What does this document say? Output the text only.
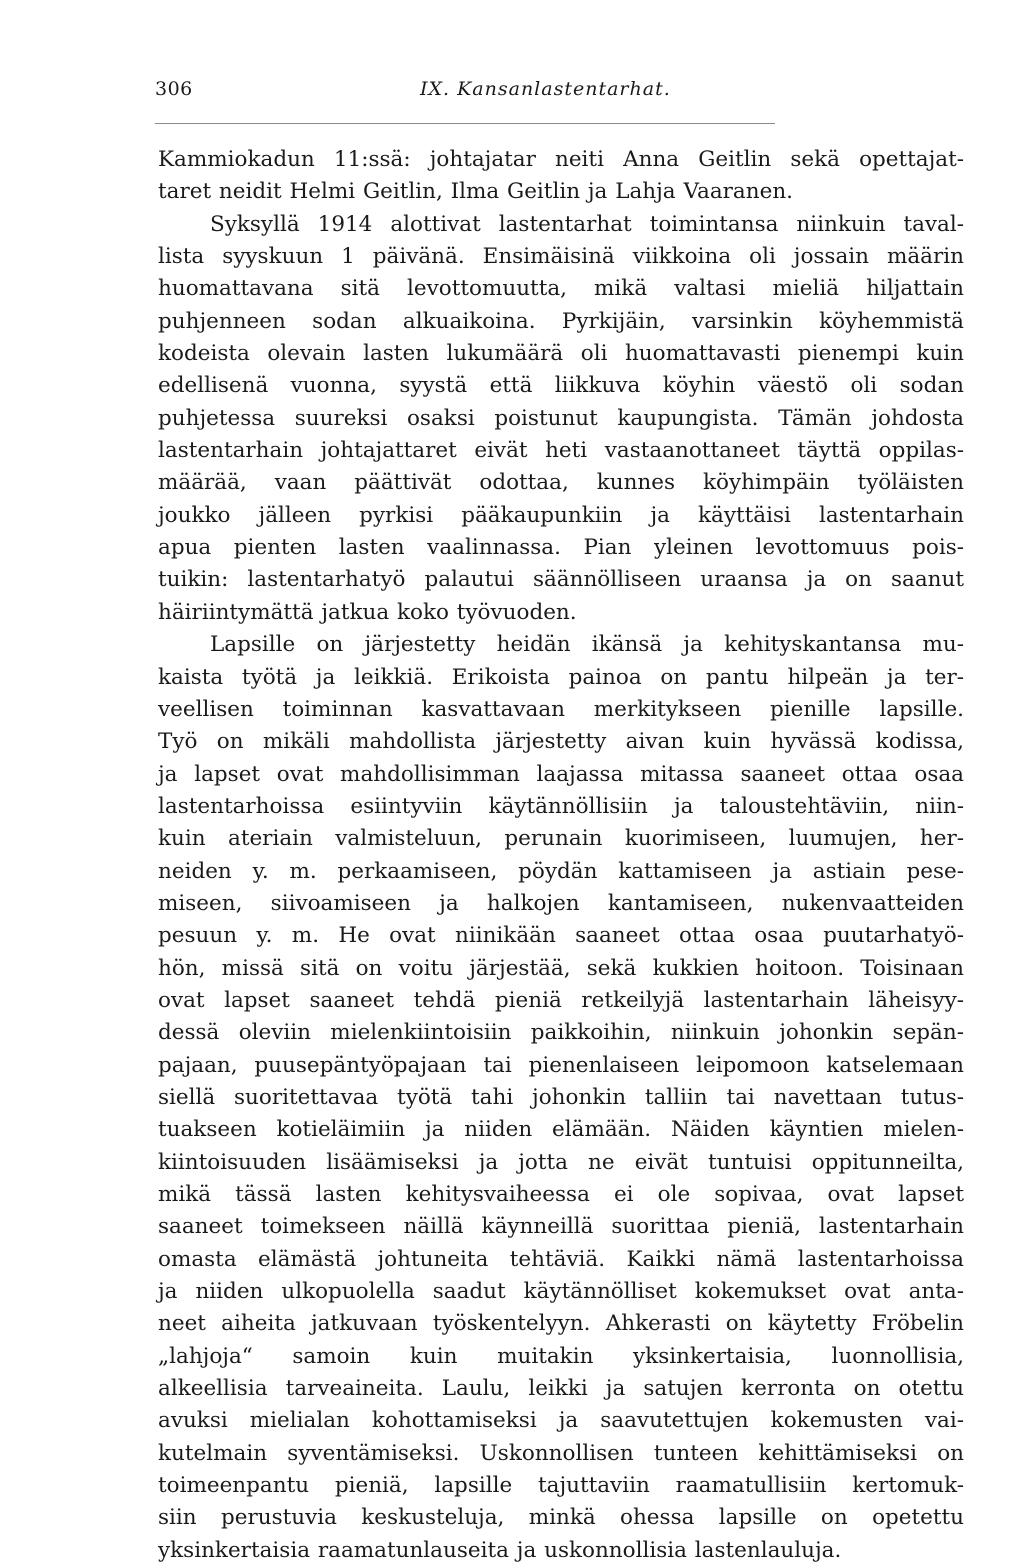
306	IX. Kansanlastentarhat.
Kammiokadun 11:ssä: johtajatar neiti Anna Geitlin sekä opettajat-
taret neidit Helmi Geitlin, Ilma Geitlin ja Lahja Vaaranen.
Syksyllä 1914 alottivat lastentarhat toimintansa niinkuin taval-
lista syyskuun 1 päivänä. Ensimäisinä viikkoina oli jossain määrin
huomattavana sitä levottomuutta, mikä valtasi mieliä hiljattain
puhjenneen sodan alkuaikoina. Pyrkijäin, varsinkin köyhemmistä
kodeista olevain lasten lukumäärä oli huomattavasti pienempi kuin
edellisenä vuonna, syystä että liikkuva köyhin väestö oli sodan
puhjetessa suureksi osaksi poistunut kaupungista. Tämän johdosta
lastentarhain johtajattaret eivät heti vastaanottaneet täyttä oppilas-
määrää, vaan päättivät odottaa, kunnes köyhimpäin työläisten
joukko jälleen pyrkisi pääkaupunkiin ja käyttäisi lastentarhain
apua pienten lasten vaalinnassa. Pian yleinen levottomuus pois-
tuikin: lastentarhatyö palautui säännölliseen uraansa ja on saanut
häiriintymättä jatkua koko työvuoden.
Lapsille on järjestetty heidän ikänsä ja kehityskantansa mu-
kaista työtä ja leikkiä. Erikoista painoa on pantu hilpeän ja ter-
veellisen toiminnan kasvattavaan merkitykseen pienille lapsille.
Työ on mikäli mahdollista järjestetty aivan kuin hyvässä kodissa,
ja lapset ovat mahdollisimman laajassa mitassa saaneet ottaa osaa
lastentarhoissa esiintyviin käytännöllisiin ja taloustehtäviin, niin-
kuin ateriain valmisteluun, perunain kuorimiseen, luumujen, her-
neiden y. m. perkaamiseen, pöydän kattamiseen ja astiain pese-
miseen, siivoamiseen ja halkojen kantamiseen, nukenvaatteiden
pesuun y. m. He ovat niinikään saaneet ottaa osaa puutarhatyö-
hön, missä sitä on voitu järjestää, sekä kukkien hoitoon. Toisinaan
ovat lapset saaneet tehdä pieniä retkeilyjä lastentarhain läheisyy-
dessä oleviin mielenkiintoisiin paikkoihin, niinkuin johonkin sepän-
pajaan, puusepäntyöpajaan tai pienenlaiseen leipomoon katselemaan
siellä suoritettavaa työtä tahi johonkin talliin tai navettaan tutus-
tuakseen kotieläimiin ja niiden elämään. Näiden käyntien mielen-
kiintoisuuden lisäämiseksi ja jotta ne eivät tuntuisi oppitunneilta,
mikä tässä lasten kehitysvaiheessa ei ole sopivaa, ovat lapset
saaneet toimekseen näillä käynneillä suorittaa pieniä, lastentarhain
omasta elämästä johtuneita tehtäviä. Kaikki nämä lastentarhoissa
ja niiden ulkopuolella saadut käytännölliset kokemukset ovat anta-
neet aiheita jatkuvaan työskentelyyn. Ahkerasti on käytetty Fröbelin
„lahjoja“ samoin kuin muitakin yksinkertaisia, luonnollisia,
alkeellisia tarveaineita. Laulu, leikki ja satujen kerronta on otettu
avuksi mielialan kohottamiseksi ja saavutettujen kokemusten vai-
kutelmain syventämiseksi. Uskonnollisen tunteen kehittämiseksi on
toimeenpantu pieniä, lapsille tajuttaviin raamatullisiin kertomuk-
siin perustuvia keskusteluja, minkä ohessa lapsille on opetettu
yksinkertaisia raamatunlauseita ja uskonnollisia lastenlauluja.
